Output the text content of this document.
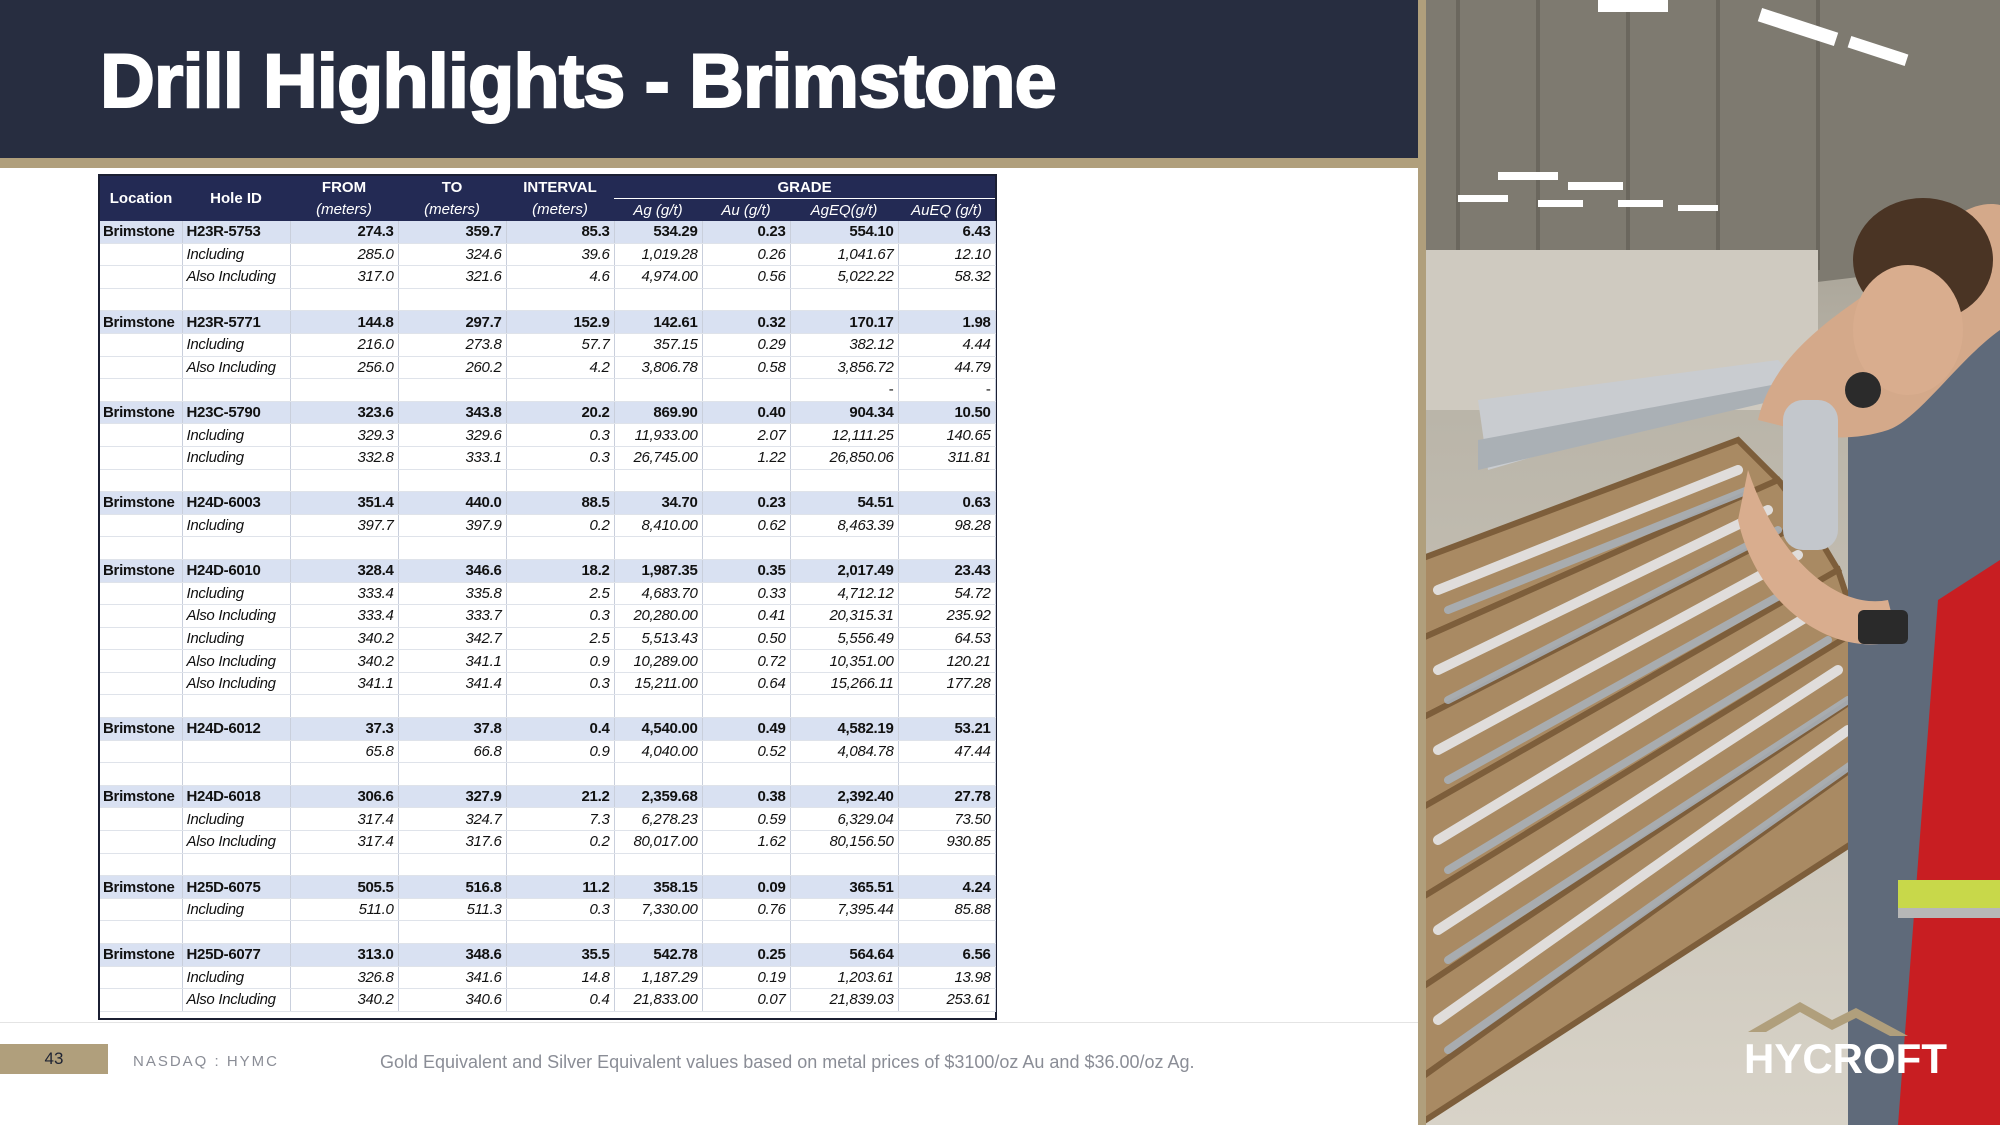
Drill Highlights - Brimstone
Location	Hole ID	FROM	TO	INTERVAL	GRADE			
		(meters)	(meters)	(meters)	Ag (g/t)	Au (g/t)	AgEQ(g/t)	AuEQ (g/t)
Brimstone	H23R-5753	274.3	359.7	85.3	534.29	0.23	554.10	6.43
	Including	285.0	324.6	39.6	1,019.28	0.26	1,041.67	12.10
	Also Including	317.0	321.6	4.6	4,974.00	0.56	5,022.22	58.32

Brimstone	H23R-5771	144.8	297.7	152.9	142.61	0.32	170.17	1.98
	Including	216.0	273.8	57.7	357.15	0.29	382.12	4.44
	Also Including	256.0	260.2	4.2	3,806.78	0.58	3,856.72	44.79
							-	-
Brimstone	H23C-5790	323.6	343.8	20.2	869.90	0.40	904.34	10.50
	Including	329.3	329.6	0.3	11,933.00	2.07	12,111.25	140.65
	Including	332.8	333.1	0.3	26,745.00	1.22	26,850.06	311.81

Brimstone	H24D-6003	351.4	440.0	88.5	34.70	0.23	54.51	0.63
	Including	397.7	397.9	0.2	8,410.00	0.62	8,463.39	98.28

Brimstone	H24D-6010	328.4	346.6	18.2	1,987.35	0.35	2,017.49	23.43
	Including	333.4	335.8	2.5	4,683.70	0.33	4,712.12	54.72
	Also Including	333.4	333.7	0.3	20,280.00	0.41	20,315.31	235.92
	Including	340.2	342.7	2.5	5,513.43	0.50	5,556.49	64.53
	Also Including	340.2	341.1	0.9	10,289.00	0.72	10,351.00	120.21
	Also Including	341.1	341.4	0.3	15,211.00	0.64	15,266.11	177.28

Brimstone	H24D-6012	37.3	37.8	0.4	4,540.00	0.49	4,582.19	53.21
		65.8	66.8	0.9	4,040.00	0.52	4,084.78	47.44

Brimstone	H24D-6018	306.6	327.9	21.2	2,359.68	0.38	2,392.40	27.78
	Including	317.4	324.7	7.3	6,278.23	0.59	6,329.04	73.50
	Also Including	317.4	317.6	0.2	80,017.00	1.62	80,156.50	930.85

Brimstone	H25D-6075	505.5	516.8	11.2	358.15	0.09	365.51	4.24
	Including	511.0	511.3	0.3	7,330.00	0.76	7,395.44	85.88

Brimstone	H25D-6077	313.0	348.6	35.5	542.78	0.25	564.64	6.56
	Including	326.8	341.6	14.8	1,187.29	0.19	1,203.61	13.98
	Also Including	340.2	340.6	0.4	21,833.00	0.07	21,839.03	253.61
43	NASDAQ : HYMC	Gold Equivalent and Silver Equivalent values based on metal prices of $3100/oz Au and $36.00/oz Ag.	HYCROFT
